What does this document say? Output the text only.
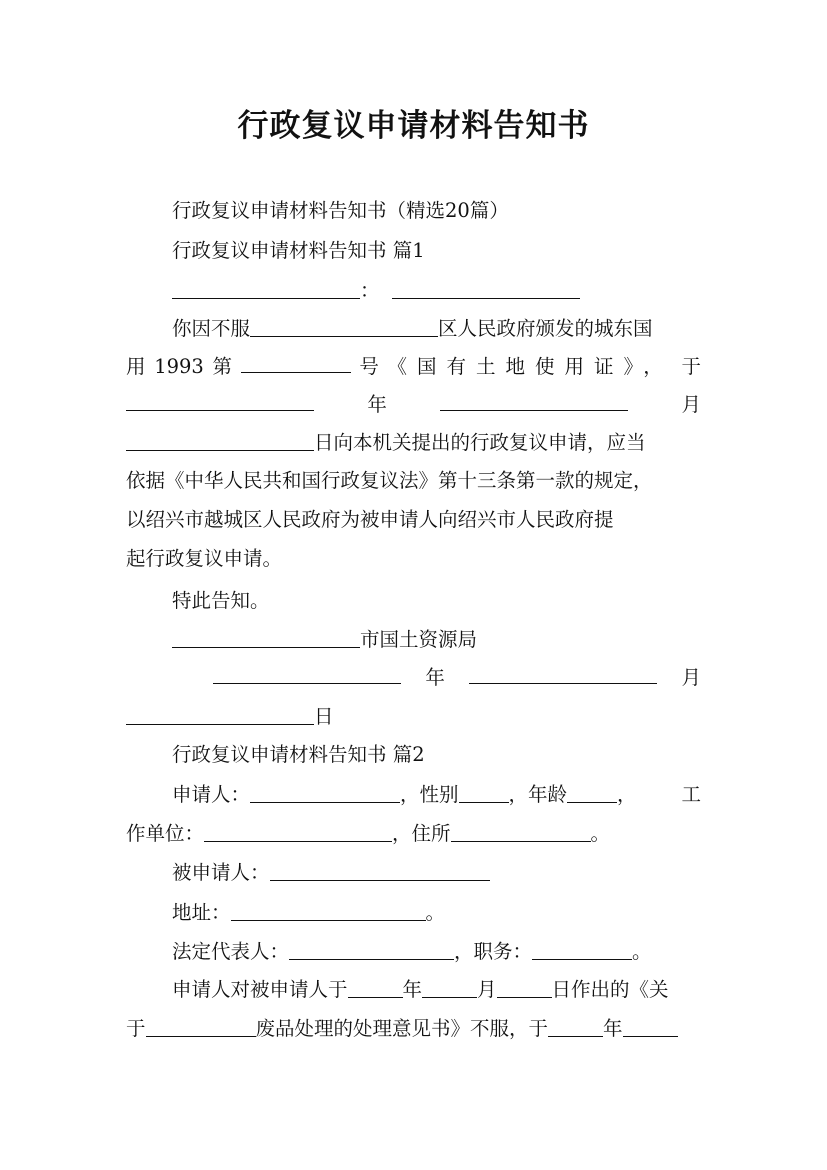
行政复议申请材料告知书
行政复议申请材料告知书（精选20篇）
行政复议申请材料告知书 篇1
：
你因不服	区人民政府颁发的城东国
用 1993 第	号 《国有土地使用证》， 于
年	月
日向本机关提出的行政复议申请，应当
依据《中华人民共和国行政复议法》第十三条第一款的规定，
以绍兴市越城区人民政府为被申请人向绍兴市人民政府提
起行政复议申请。
特此告知。
市国土资源局
年	月
日
行政复议申请材料告知书 篇2
申请人：	，性别	，年龄	， 工
作单位：	，住所	。
被申请人：
地址：	。
法定代表人：	，职务：	。
申请人对被申请人于	年	月	日作出的《关
于	废品处理的处理意见书》不服，于	年
